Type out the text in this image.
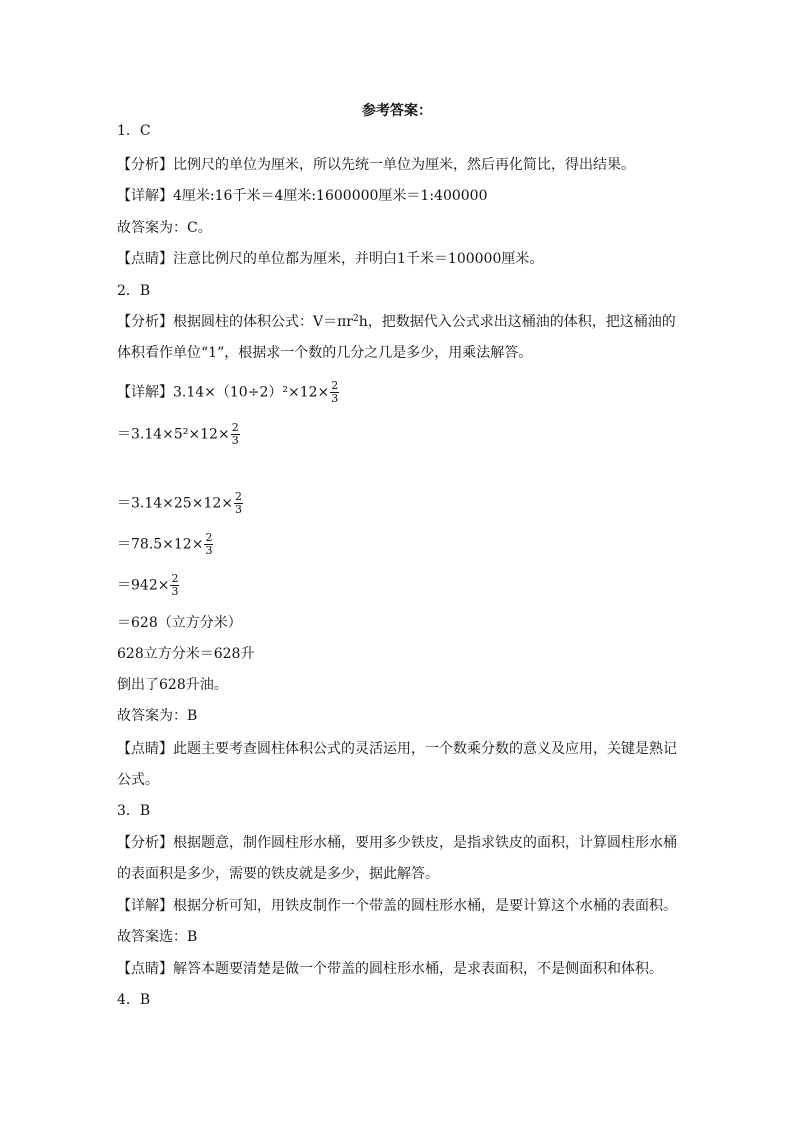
参考答案：
1．C
【分析】比例尺的单位为厘米，所以先统一单位为厘米，然后再化简比，得出结果。
【详解】4厘米:16千米＝4厘米:1600000厘米＝1:400000
故答案为：C。
【点睛】注意比例尺的单位都为厘米，并明白1千米＝100000厘米。
2．B
【分析】根据圆柱的体积公式：$V=\pi r^2h$，把数据代入公式求出这桶油的体积，把这桶油的
体积看作单位“1”，根据求一个数的几分之几是多少，用乘法解答。
【详解】$3.14\times(10\div 2)^2\times 12\times \frac{2}{3}$
$=3.14\times 5^2\times 12\times \frac{2}{3}$
$=3.14\times 25\times 12\times \frac{2}{3}$
$=78.5\times 12\times \frac{2}{3}$
$=942\times \frac{2}{3}$
＝628（立方分米）
628立方分米＝628升
倒出了628升油。
故答案为：B
【点睛】此题主要考查圆柱体积公式的灵活运用，一个数乘分数的意义及应用，关键是熟记
公式。
3．B
【分析】根据题意，制作圆柱形水桶，要用多少铁皮，是指求铁皮的面积，计算圆柱形水桶
的表面积是多少，需要的铁皮就是多少，据此解答。
【详解】根据分析可知，用铁皮制作一个带盖的圆柱形水桶，是要计算这个水桶的表面积。
故答案选：B
【点睛】解答本题要清楚是做一个带盖的圆柱形水桶，是求表面积，不是侧面积和体积。
4．B
